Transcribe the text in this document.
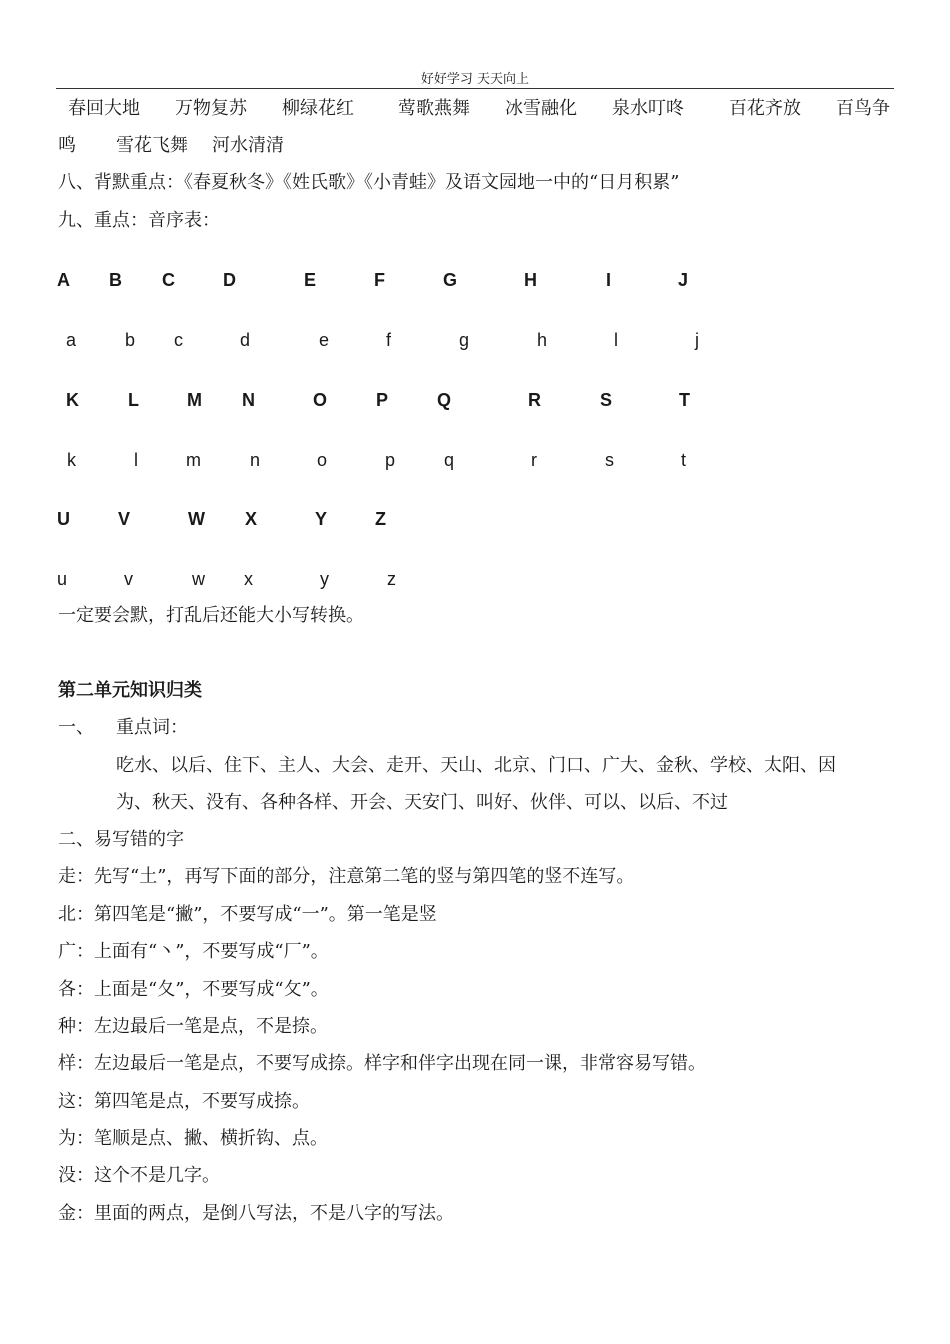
好好学习 天天向上
春回大地 万物复苏 柳绿花红 莺歌燕舞 冰雪融化 泉水叮咚	百花齐放 百鸟争
鸣 雪花飞舞 河水清清
八、背默重点：《春夏秋冬》《姓氏歌》《小青蛙》及语文园地一中的“日月积累”
九、重点：音序表：
A B C	D	E	F	G	H	I	J
a	b c	d	e	f	g	h	l	j
K	L	M N	O	P	Q	R	S	T
k	l	m	n	o	p	q	r	s	t
U	V	W X	Y	Z
u	v	w x	y	z
一定要会默，打乱后还能大小写转换。
第二单元知识归类
一、 重点词：
吃水、以后、住下、主人、大会、走开、天山、北京、门口、广大、金秋、学校、太阳、因
为、秋天、没有、各种各样、开会、天安门、叫好、伙伴、可以、以后、不过
二、易写错的字
走：先写“土”，再写下面的部分，注意第二笔的竖与第四笔的竖不连写。
北：第四笔是“撇”，不要写成“一”。第一笔是竖
广：上面有“丶”，不要写成“厂”。
各：上面是“夂”，不要写成“攵”。
种：左边最后一笔是点，不是捺。
样：左边最后一笔是点，不要写成捺。样字和伴字出现在同一课，非常容易写错。
这：第四笔是点，不要写成捺。
为：笔顺是点、撇、横折钩、点。
没：这个不是几字。
金：里面的两点，是倒八写法，不是八字的写法。
